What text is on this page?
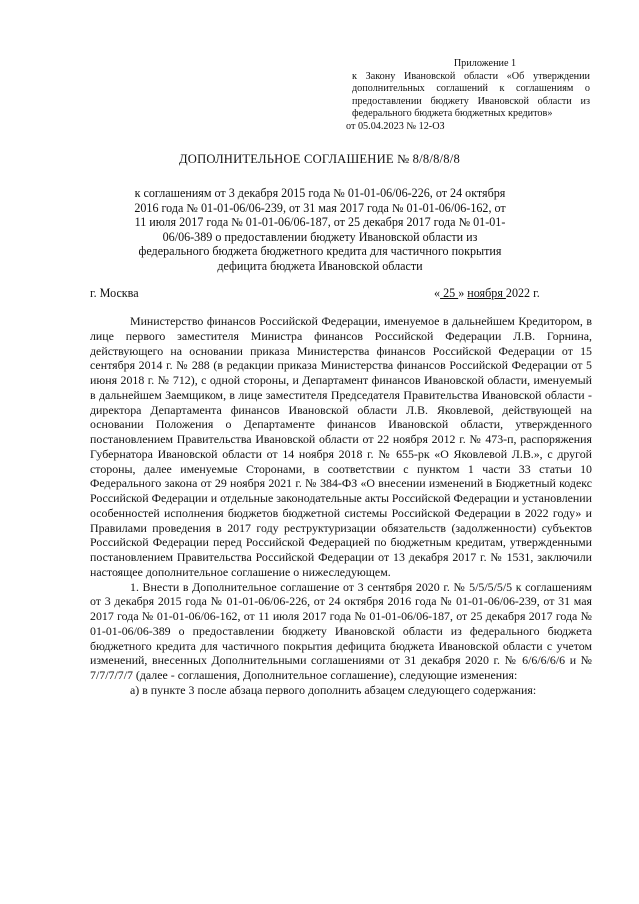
Приложение 1
к Закону Ивановской области «Об утверждении дополнительных соглашений к соглашениям о предоставлении бюджету Ивановской области из федерального бюджета бюджетных кредитов»
от 05.04.2023 № 12-ОЗ
ДОПОЛНИТЕЛЬНОЕ СОГЛАШЕНИЕ № 8/8/8/8/8
к соглашениям от 3 декабря 2015 года № 01-01-06/06-226, от 24 октября 2016 года № 01-01-06/06-239, от 31 мая 2017 года № 01-01-06/06-162, от 11 июля 2017 года № 01-01-06/06-187, от 25 декабря 2017 года № 01-01-06/06-389 о предоставлении бюджету Ивановской области из федерального бюджета бюджетного кредита для частичного покрытия дефицита бюджета Ивановской области
г. Москва	« 25 » ноября 2022 г.

Министерство финансов Российской Федерации, именуемое в дальнейшем Кредитором, в лице первого заместителя Министра финансов Российской Федерации Л.В. Горнина, действующего на основании приказа Министерства финансов Российской Федерации от 15 сентября 2014 г. № 288 (в редакции приказа Министерства финансов Российской Федерации от 5 июня 2018 г. № 712), с одной стороны, и Департамент финансов Ивановской области, именуемый в дальнейшем Заемщиком, в лице заместителя Председателя Правительства Ивановской области - директора Департамента финансов Ивановской области Л.В. Яковлевой, действующей на основании Положения о Департаменте финансов Ивановской области, утвержденного постановлением Правительства Ивановской области от 22 ноября 2012 г. № 473-п, распоряжения Губернатора Ивановской области от 14 ноября 2018 г. № 655-рк «О Яковлевой Л.В.», с другой стороны, далее именуемые Сторонами, в соответствии с пунктом 1 части 33 статьи 10 Федерального закона от 29 ноября 2021 г. № 384-ФЗ «О внесении изменений в Бюджетный кодекс Российской Федерации и отдельные законодательные акты Российской Федерации и установлении особенностей исполнения бюджетов бюджетной системы Российской Федерации в 2022 году» и Правилами проведения в 2017 году реструктуризации обязательств (задолженности) субъектов Российской Федерации перед Российской Федерацией по бюджетным кредитам, утвержденными постановлением Правительства Российской Федерации от 13 декабря 2017 г. № 1531, заключили настоящее дополнительное соглашение о нижеследующем.

1. Внести в Дополнительное соглашение от 3 сентября 2020 г. № 5/5/5/5/5 к соглашениям от 3 декабря 2015 года № 01-01-06/06-226, от 24 октября 2016 года № 01-01-06/06-239, от 31 мая 2017 года № 01-01-06/06-162, от 11 июля 2017 года № 01-01-06/06-187, от 25 декабря 2017 года № 01-01-06/06-389 о предоставлении бюджету Ивановской области из федерального бюджета бюджетного кредита для частичного покрытия дефицита бюджета Ивановской области с учетом изменений, внесенных Дополнительными соглашениями от 31 декабря 2020 г. № 6/6/6/6/6 и № 7/7/7/7/7 (далее - соглашения, Дополнительное соглашение), следующие изменения:

а) в пункте 3 после абзаца первого дополнить абзацем следующего содержания:
